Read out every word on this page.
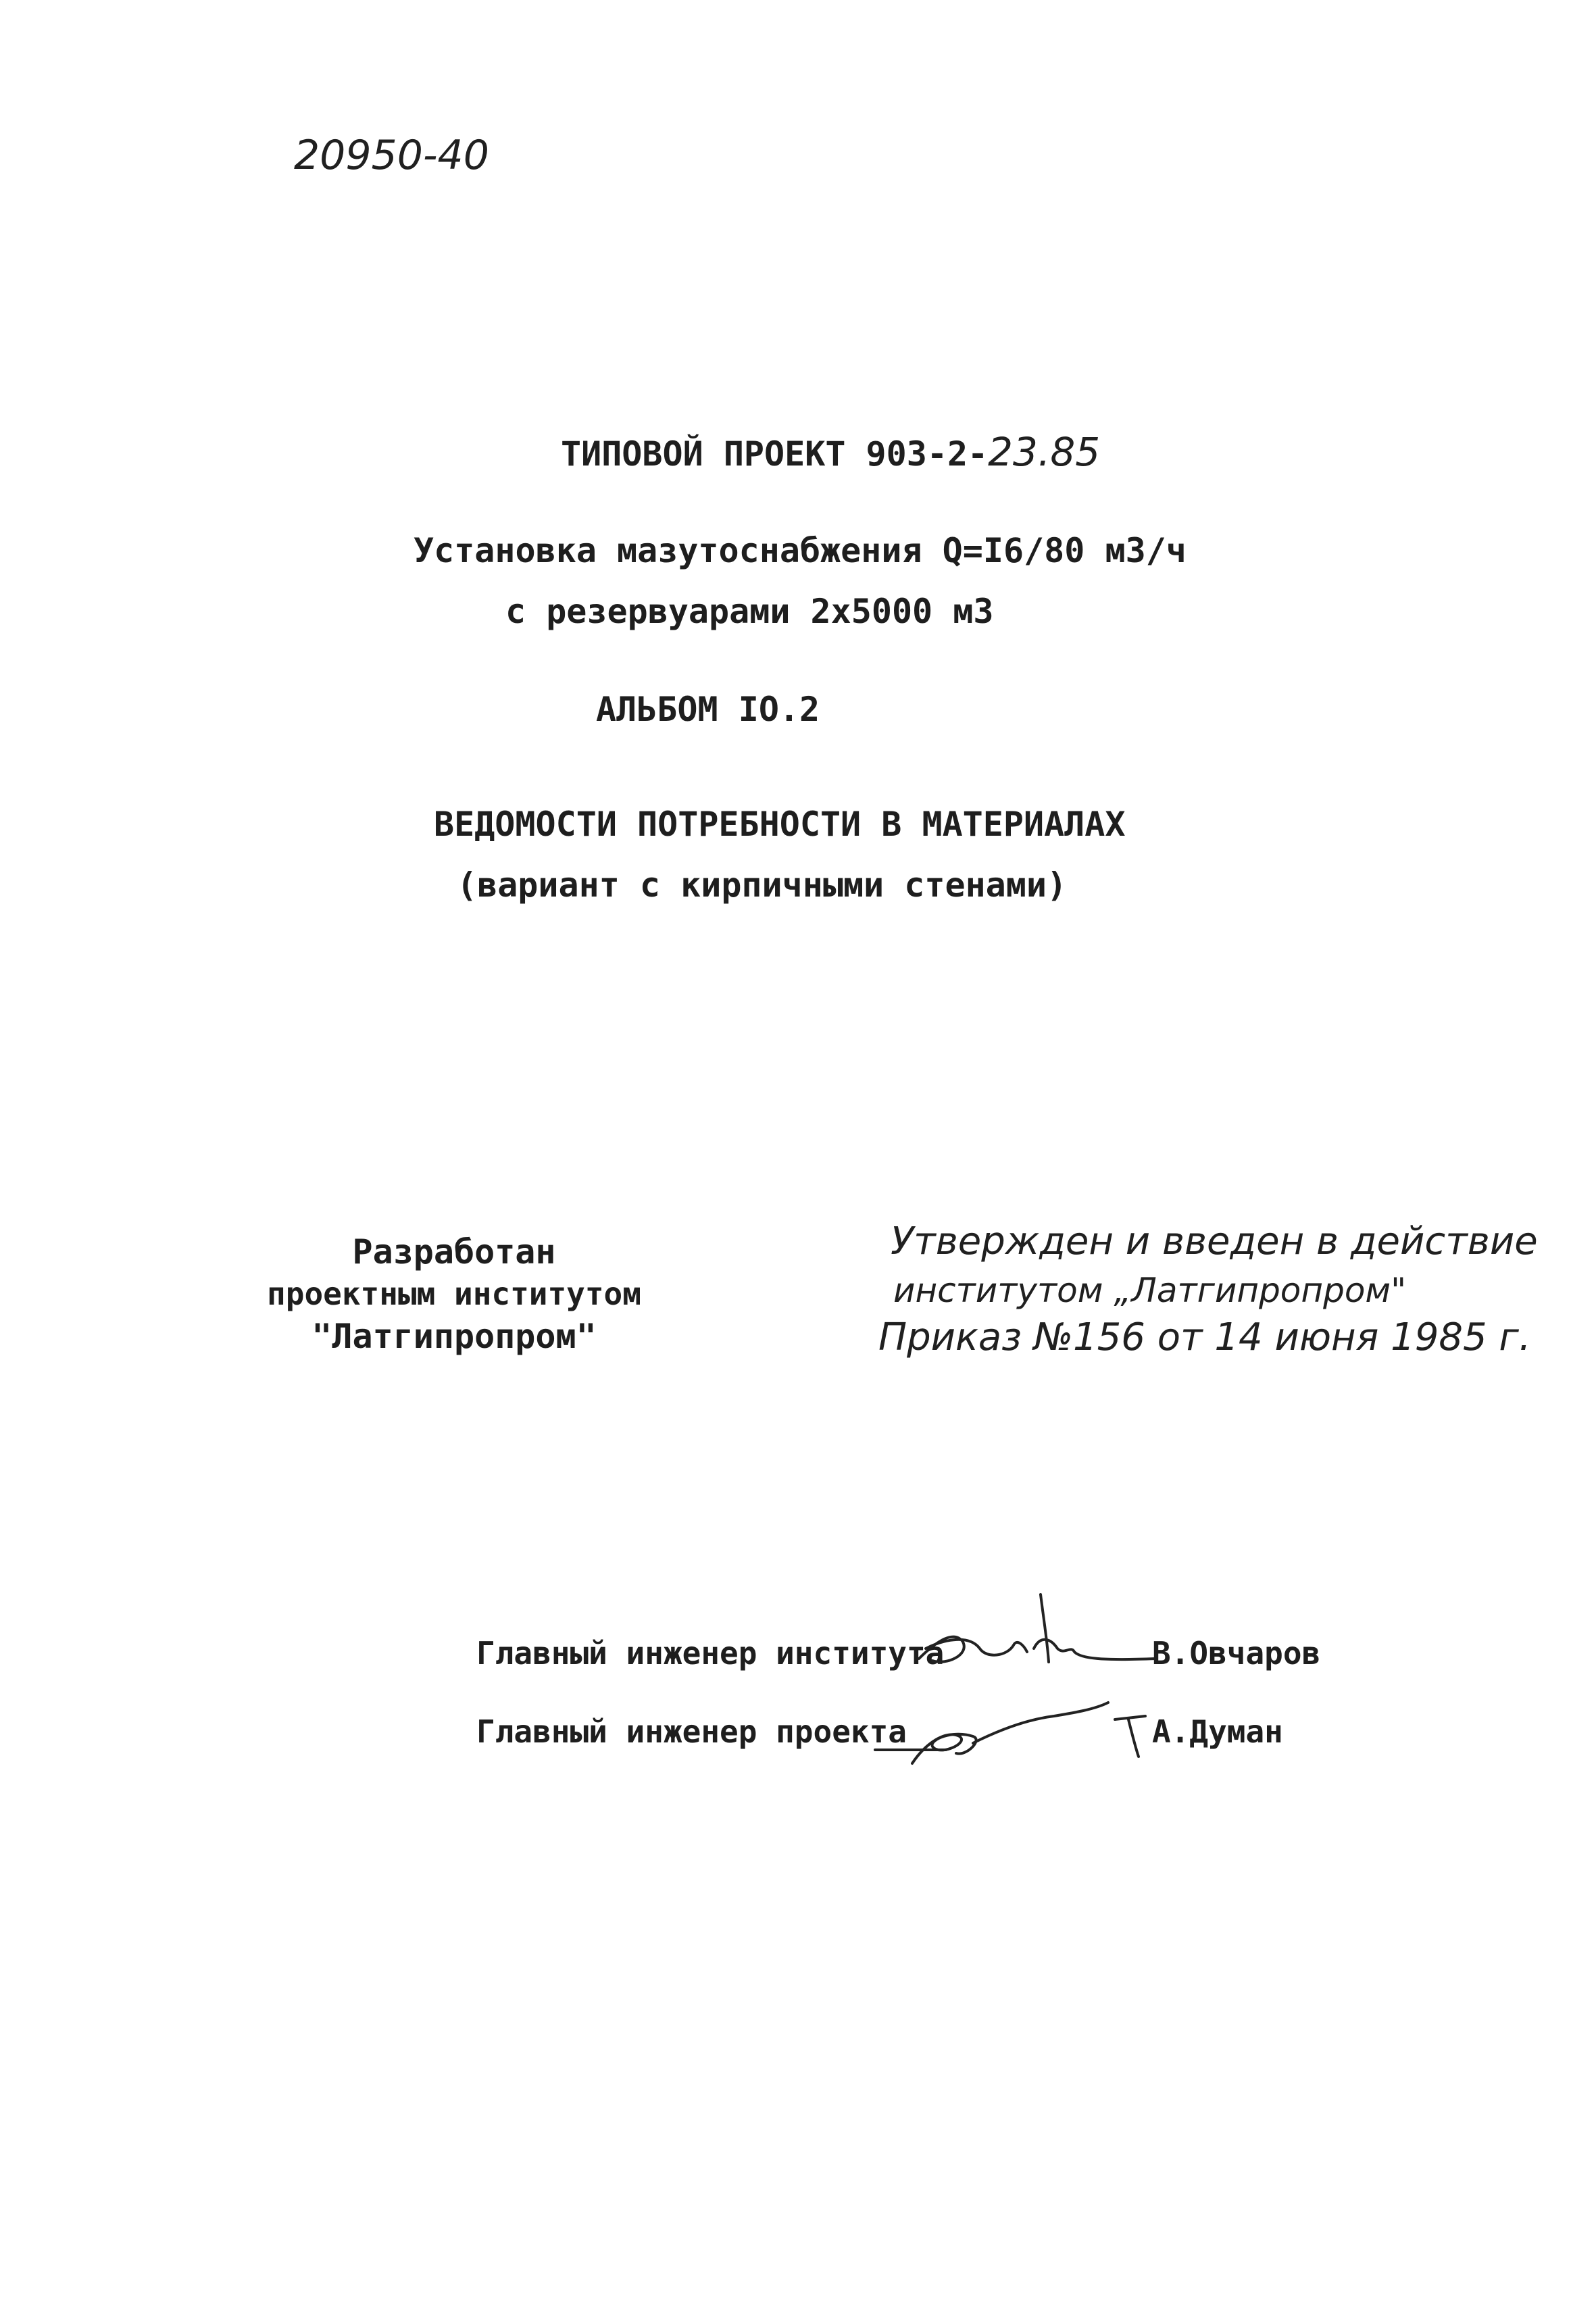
20950-40
ТИПОВОЙ ПРОЕКТ 903-2-23.85
Установка мазутоснабжения Q=I6/80 м3/ч
с резервуарами 2х5000 м3
АЛЬБОМ IO.2
ВЕДОМОСТИ ПОТРЕБНОСТИ В МАТЕРИАЛАХ
(вариант с кирпичными стенами)
Разработан
проектным институтом
"Латгипропром"
Утвержден и введен в действие
институтом „Латгипропром"
Приказ №156 от 14 июня 1985 г.
Главный инженер института	В.Овчаров
Главный инженер проекта	А.Думан
